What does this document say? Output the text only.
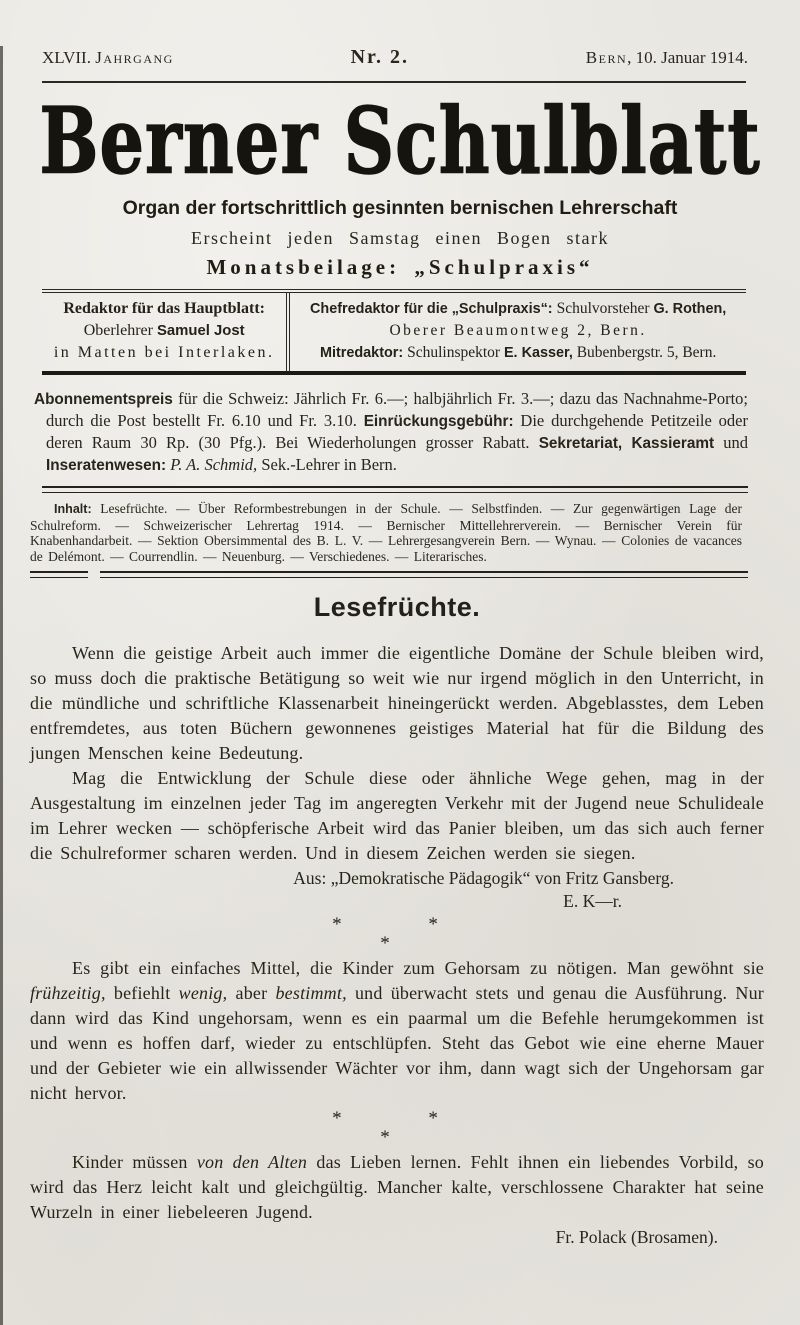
XLVII. Jahrgang	Nr. 2.	Bern, 10. Januar 1914.
Berner Schulblatt
Organ der fortschrittlich gesinnten bernischen Lehrerschaft
Erscheint jeden Samstag einen Bogen stark
Monatsbeilage: „Schulpraxis“
Redaktor für das Hauptblatt:
Oberlehrer Samuel Jost
in Matten bei Interlaken.
Chefredaktor für die „Schulpraxis“: Schulvorsteher G. Rothen,
Oberer Beaumontweg 2, Bern.
Mitredaktor: Schulinspektor E. Kasser, Bubenbergstr. 5, Bern.

Abonnementspreis für die Schweiz: Jährlich Fr. 6.—; halbjährlich Fr. 3.—; dazu das Nachnahme-Porto; durch die Post bestellt Fr. 6.10 und Fr. 3.10. Einrückungsgebühr: Die durchgehende Petitzeile oder deren Raum 30 Rp. (30 Pfg.). Bei Wiederholungen grosser Rabatt. Sekretariat, Kassieramt und Inseratenwesen: P. A. Schmid, Sek.-Lehrer in Bern.

Inhalt: Lesefrüchte. — Über Reformbestrebungen in der Schule. — Selbstfinden. — Zur gegenwärtigen Lage der Schulreform. — Schweizerischer Lehrertag 1914. — Bernischer Mittellehrerverein. — Bernischer Verein für Knabenhandarbeit. — Sektion Obersimmental des B. L. V. — Lehrergesangverein Bern. — Wynau. — Colonies de vacances de Delémont. — Courrendlin. — Neuenburg. — Verschiedenes. — Literarisches.

Lesefrüchte.

Wenn die geistige Arbeit auch immer die eigentliche Domäne der Schule bleiben wird, so muss doch die praktische Betätigung so weit wie nur irgend möglich in den Unterricht, in die mündliche und schriftliche Klassenarbeit hineingerückt werden. Abgeblasstes, dem Leben entfremdetes, aus toten Büchern gewonnenes geistiges Material hat für die Bildung des jungen Menschen keine Bedeutung.

Mag die Entwicklung der Schule diese oder ähnliche Wege gehen, mag in der Ausgestaltung im einzelnen jeder Tag im angeregten Verkehr mit der Jugend neue Schulideale im Lehrer wecken — schöpferische Arbeit wird das Panier bleiben, um das sich auch ferner die Schulreformer scharen werden. Und in diesem Zeichen werden sie siegen.

Aus: „Demokratische Pädagogik“ von Fritz Gansberg.
E. K—r.
* *
*

Es gibt ein einfaches Mittel, die Kinder zum Gehorsam zu nötigen. Man gewöhnt sie frühzeitig, befiehlt wenig, aber bestimmt, und überwacht stets und genau die Ausführung. Nur dann wird das Kind ungehorsam, wenn es ein paarmal um die Befehle herumgekommen ist und wenn es hoffen darf, wieder zu entschlüpfen. Steht das Gebot wie eine eherne Mauer und der Gebieter wie ein allwissender Wächter vor ihm, dann wagt sich der Ungehorsam gar nicht hervor.

* *
*

Kinder müssen von den Alten das Lieben lernen. Fehlt ihnen ein liebendes Vorbild, so wird das Herz leicht kalt und gleichgültig. Mancher kalte, verschlossene Charakter hat seine Wurzeln in einer liebeleeren Jugend.

Fr. Polack (Brosamen).
